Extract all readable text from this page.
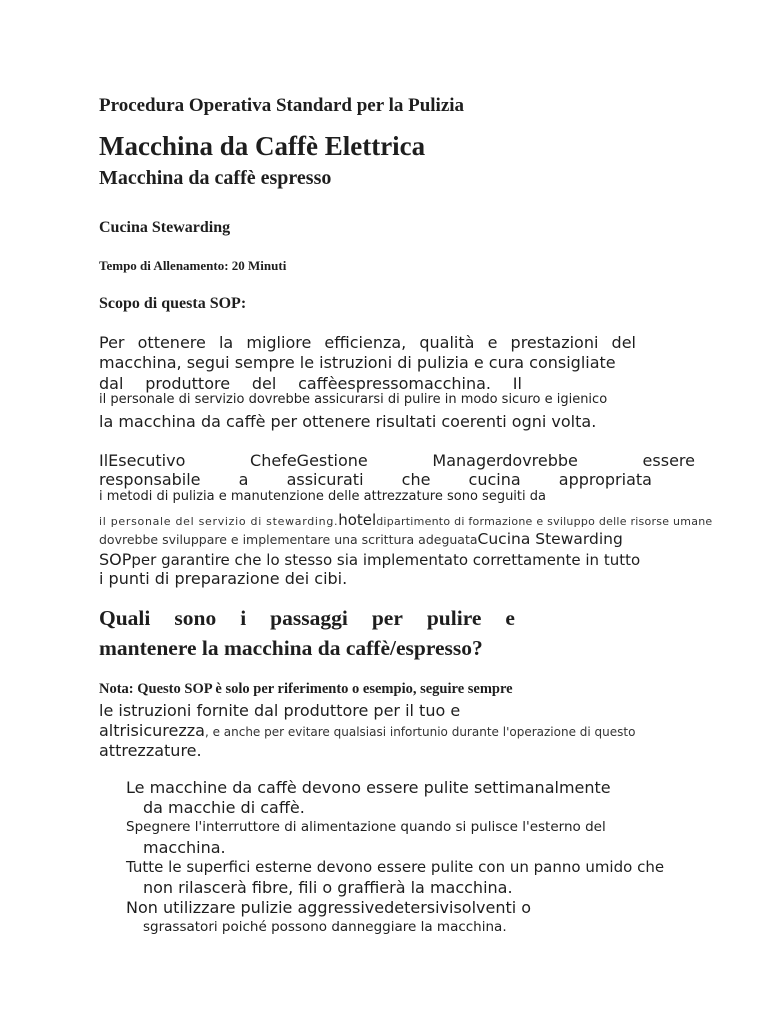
Procedura Operativa Standard per la Pulizia
Macchina da Caffè Elettrica
Macchina da caffè espresso
Cucina Stewarding
Tempo di Allenamento: 20 Minuti
Scopo di questa SOP:
Per ottenere la migliore efficienza, qualità e prestazioni del
macchina, segui sempre le istruzioni di pulizia e cura consigliate
dal produttore del caffèespressomacchina. Il
il personale di servizio dovrebbe assicurarsi di pulire in modo sicuro e igienico
la macchina da caffè per ottenere risultati coerenti ogni volta.
IlEsecutivo	ChefeGestione	Managerdovrebbe	essere
responsabile a assicurati che cucina appropriata
i metodi di pulizia e manutenzione delle attrezzature sono seguiti da
il personale del servizio di stewarding.hoteldipartimento di formazione e sviluppo delle risorse umane
dovrebbe sviluppare e implementare una scrittura adeguataCucina Stewarding
SOPper garantire che lo stesso sia implementato correttamente in tutto
i punti di preparazione dei cibi.
Quali sono i passaggi per pulire e
mantenere la macchina da caffè/espresso?
Nota: Questo SOP è solo per riferimento o esempio, seguire sempre
le istruzioni fornite dal produttore per il tuo e
altrisicurezza, e anche per evitare qualsiasi infortunio durante l'operazione di questo
attrezzature.
Le macchine da caffè devono essere pulite settimanalmente
da macchie di caffè.
Spegnere l'interruttore di alimentazione quando si pulisce l'esterno del
macchina.
Tutte le superfici esterne devono essere pulite con un panno umido che
non rilascerà fibre, fili o graffierà la macchina.
Non utilizzare pulizie aggressivedetersivisolventi o
sgrassatori poiché possono danneggiare la macchina.
